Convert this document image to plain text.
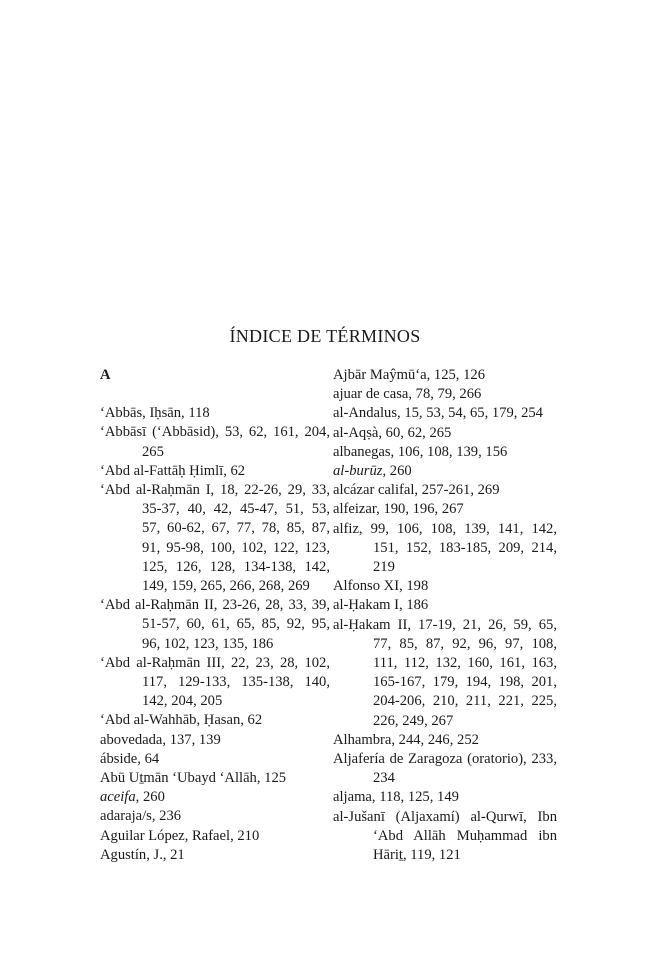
ÍNDICE DE TÉRMINOS
A
‘Abbās, Iḥsān, 118
‘Abbāsī (‘Abbāsid), 53, 62, 161, 204, 265
‘Abd al-Fattāḥ Ḥimlī, 62
‘Abd al-Raḥmān I, 18, 22-26, 29, 33, 35-37, 40, 42, 45-47, 51, 53, 57, 60-62, 67, 77, 78, 85, 87, 91, 95-98, 100, 102, 122, 123, 125, 126, 128, 134-138, 142, 149, 159, 265, 266, 268, 269
‘Abd al-Raḥmān II, 23-26, 28, 33, 39, 51-57, 60, 61, 65, 85, 92, 95, 96, 102, 123, 135, 186
‘Abd al-Raḥmān III, 22, 23, 28, 102, 117, 129-133, 135-138, 140, 142, 204, 205
‘Abd al-Wahhāb, Ḥasan, 62
abovedada, 137, 139
ábside, 64
Abū Uṯmān ‘Ubayd ‘Allāh, 125
aceifa, 260
adaraja/s, 236
Aguilar López, Rafael, 210
Agustín, J., 21
Ajbār Maŷmū‘a, 125, 126
ajuar de casa, 78, 79, 266
al-Andalus, 15, 53, 54, 65, 179, 254
al-Aqṣà, 60, 62, 265
albanegas, 106, 108, 139, 156
al-burūz, 260
alcázar califal, 257-261, 269
alfeizar, 190, 196, 267
alfiz, 99, 106, 108, 139, 141, 142, 151, 152, 183-185, 209, 214, 219
Alfonso XI, 198
al-Ḥakam I, 186
al-Ḥakam II, 17-19, 21, 26, 59, 65, 77, 85, 87, 92, 96, 97, 108, 111, 112, 132, 160, 161, 163, 165-167, 179, 194, 198, 201, 204-206, 210, 211, 221, 225, 226, 249, 267
Alhambra, 244, 246, 252
Aljafería de Zaragoza (oratorio), 233, 234
aljama, 118, 125, 149
al-Jušanī (Aljaxamí) al-Qurwī, Ibn ‘Abd Allāh Muḥammad ibn Hāriṯ, 119, 121
